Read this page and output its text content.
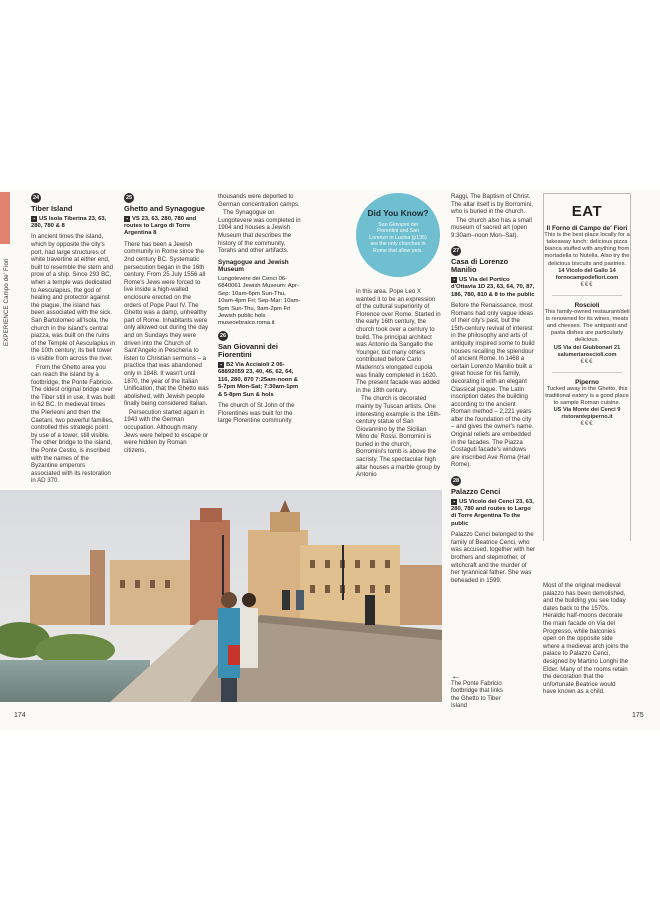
EXPERIENCE Campo de' Fiori
24
Tiber Island
▪ US Isola Tiberina 23, 63, 280, 780 & 8

In ancient times the island, which by opposite the city's port, had large structures of white travertine at either end, built to resemble the stern and prow of a ship. Since 293 BC, when a temple was dedicated to Aesculapius, the god of healing and protector against the plague, the island has been associated with the sick. San Bartolomeo all'Isola, the church in the island's central piazza, was built on the ruins of the Temple of Aesculapius in the 10th century; its bell tower is visible from across the river.

From the Ghetto area you can reach the island by a footbridge, the Ponte Fabricio. The oldest original bridge over the Tiber still in use, it was built in 62 BC. In medieval times the Pierleoni and then the Caetani, two powerful families, controlled this strategic point by use of a tower, still visible. The other bridge to the island, the Ponte Cestio, is inscribed with the names of the Byzantine emperors associated with its restoration in AD 370.

25
Ghetto and Synagogue
▪ VS 23, 63, 280, 780 and routes to Largo di Torre Argentina 8

There has been a Jewish community in Rome since the 2nd century BC. Systematic persecution began in the 16th century. From 25 July 1556 all Rome's Jews were forced to live inside a high-walled enclosure erected on the orders of Pope Paul IV. The Ghetto was a damp, unhealthy part of Rome. Inhabitants were only allowed out during the day and on Sundays they were driven into the Church of Sant'Angelo in Pescheria to listen to Christian sermons – a practice that was abandoned only in 1848. It wasn't until 1870, the year of the Italian Unification, that the Ghetto was abolished, with Jewish people finally being considered Italian.

Persecution started again in 1943 with the German occupation. Although many Jews were helped to escape or were hidden by Roman citizens,

thousands were deported to German concentration camps.

The Synagogue on Lungotevere was completed in 1904 and houses a Jewish Museum that describes the history of the community, Torahs and other artifacts.

Synagogue and Jewish Museum
Lungotevere dei Cenci 06-6840061 Jewish Museum: Apr-Sep: 10am-6pm Sun-Thu, 10am-4pm Fri; Sep-Mar: 10am-5pm Sun-Thu, 9am-2pm Fri Jewish public hols museoebraico.roma.it
26
San Giovanni dei Fiorentini
▪ B2 Via Acciaioli 2 06-68892059 23, 40, 46, 62, 64, 116, 280, 870 7:25am-noon & 5-7pm Mon-Sat; 7:30am-1pm & 5-8pm Sun & hols

The church of St John of the Florentines was built for the large Florentine community

Did You Know?
San Giovanni dei Fiorentini and San Lorenzo in Lucina (p135) are the only churches in Rome that allow pets.

in this area. Pope Leo X wanted it to be an expression of the cultural superiority of Florence over Rome. Started in the early 16th century, the church took over a century to build. The principal architect was Antonio da Sangallo the Younger, but many others contributed before Carlo Maderno's elongated cupola was finally completed in 1620. The present facade was added in the 18th century.

The church is decorated mainly by Tuscan artists. One interesting example is the 16th-century statue of San Giovannino by the Sicilian Mino de' Rossi. Borromini is buried in the church, Borromini's tomb is above the sacristy. The spectacular high altar houses a marble group by Antonio

Raggi, The Baptism of Christ. The altar itself is by Borromini, who is buried in the church.

The church also has a small museum of sacred art (open 9:30am–noon Mon–Sat).

27
Casa di Lorenzo Manilio
▪ US Via del Portico d'Ottavia 1D 23, 63, 64, 70, 87, 186, 780, 810 & 8 to the public

Before the Renaissance, most Romans had only vague ideas of their city's past, but the 15th-century revival of interest in the philosophy and arts of antiquity inspired some to build houses recalling the splendour of ancient Rome. In 1468 a certain Lorenzo Manilio built a great house for his family, decorating it with an elegant Classical plaque. The Latin inscription dates the building according to the ancient Roman method – 2,221 years after the foundation of the city – and gives the owner's name. Original reliefs are embedded in the facades. The Piazza Costaguti facade's windows are inscribed Ave Roma (Hail Rome).

28
Palazzo Cenci
▪ US Vicolo dei Cenci 23, 63, 280, 780 and routes to Largo di Torre Argentina To the public

Palazzo Cenci belonged to the family of Beatrice Cenci, who was accused, together with her brothers and stepmother, of witchcraft and the murder of her tyrannical father. She was beheaded in 1599.

←
The Ponte Fabricio footbridge that links the Ghetto to Tiber Island

Most of the original medieval palazzo has been demolished, and the building you see today dates back to the 1570s. Heraldic half-moons decorate the main facade on Via del Progresso, while balconies open on the opposite side where a medieval arch joins the palace to Palazzo Cenci, designed by Martino Longhi the Elder. Many of the rooms retain the decoration that the unfortunate Beatrice would have known as a child.

EAT
Il Forno di Campo de' Fiori
This is the best place locally for a takeaway lunch: delicious pizza bianca stuffed with anything from mortadella to Nutella. Also try the delicious biscuits and pastries.
14 Vicolo del Gallo 14 fornocampodefiori.com
€€€
Roscioli
This family-owned restaurant/deli is renowned for its wines, meats and cheeses. The antipasti and pasta dishes are particularly delicious.
US Via dei Giubbonari 21 salumeriaroscioli.com
€€€
Piperno
Tucked away in the Ghetto, this traditional eatery is a good place to sample Roman cuisine.
US Via Monte dei Cenci 9 ristorantepiperno.it
€€€
174	175
